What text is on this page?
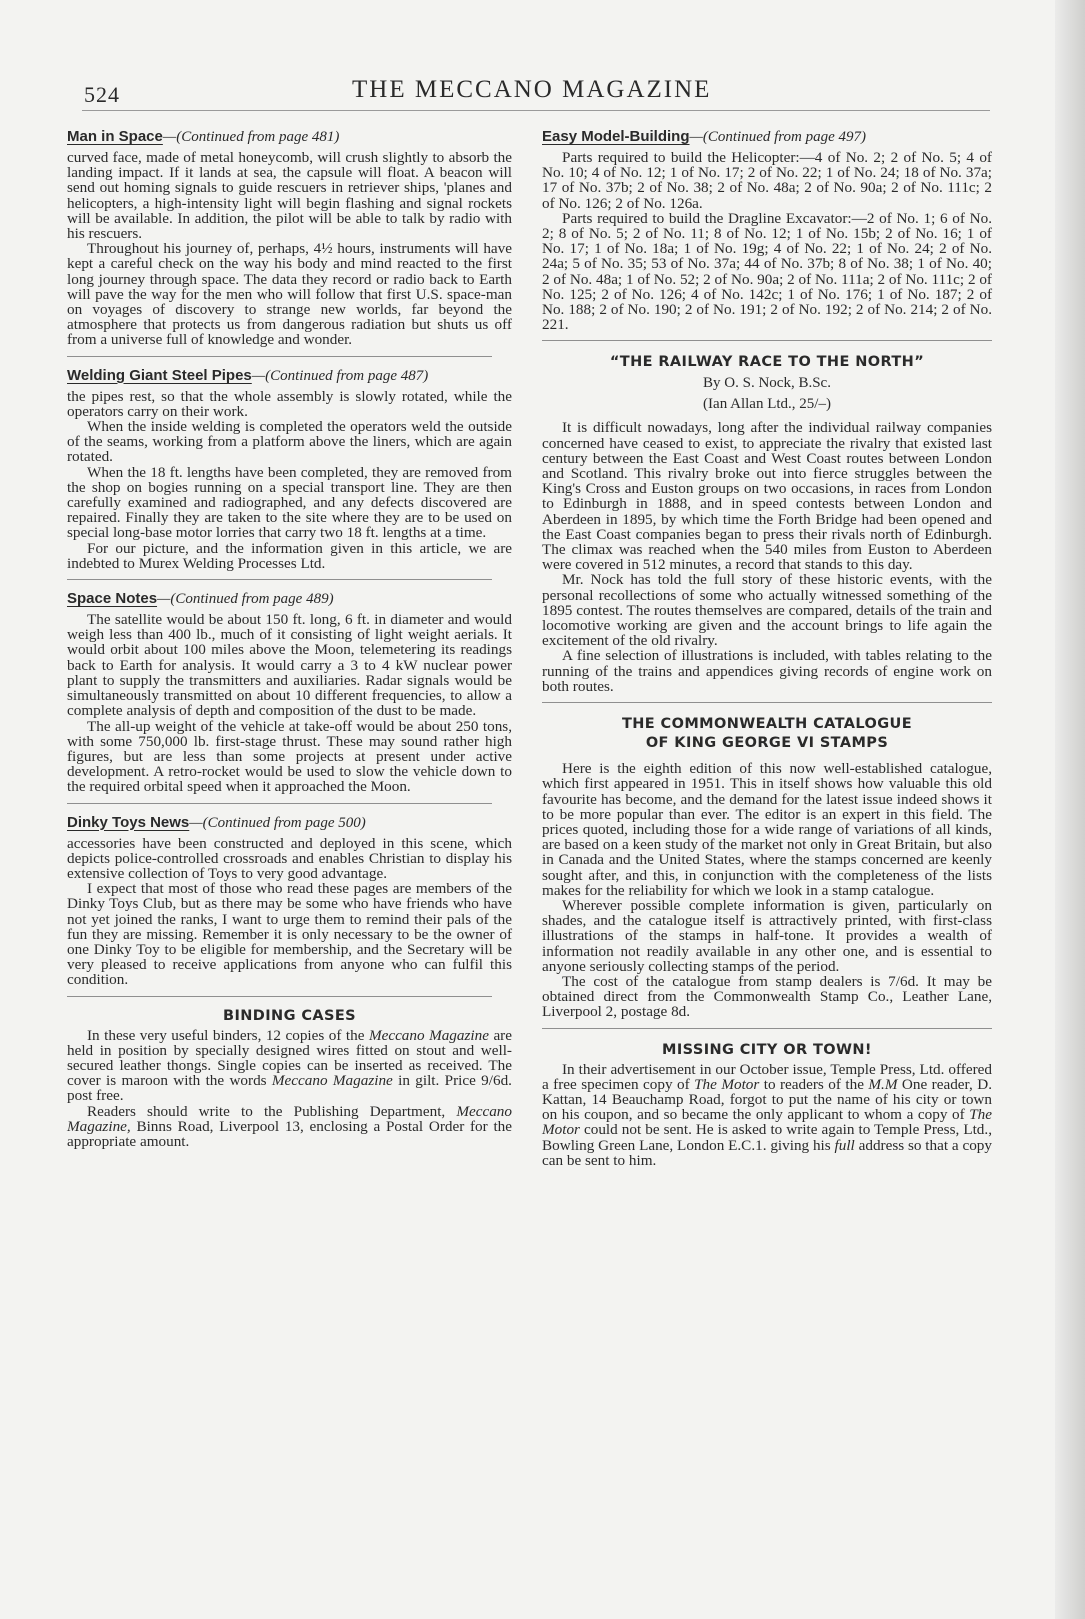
524	THE MECCANO MAGAZINE

Man in Space—(Continued from page 481)

curved face, made of metal honeycomb, will crush slightly to absorb the landing impact. If it lands at sea, the capsule will float. A beacon will send out homing signals to guide rescuers in retriever ships, 'planes and helicopters, a high-intensity light will begin flashing and signal rockets will be available. In addition, the pilot will be able to talk by radio with his rescuers.

Throughout his journey of, perhaps, 4½ hours, instruments will have kept a careful check on the way his body and mind reacted to the first long journey through space. The data they record or radio back to Earth will pave the way for the men who will follow that first U.S. space-man on voyages of discovery to strange new worlds, far beyond the atmosphere that protects us from dangerous radiation but shuts us off from a universe full of knowledge and wonder.

Welding Giant Steel Pipes—(Continued from page 487)

the pipes rest, so that the whole assembly is slowly rotated, while the operators carry on their work.

When the inside welding is completed the operators weld the outside of the seams, working from a platform above the liners, which are again rotated.

When the 18 ft. lengths have been completed, they are removed from the shop on bogies running on a special transport line. They are then carefully examined and radiographed, and any defects discovered are repaired. Finally they are taken to the site where they are to be used on special long-base motor lorries that carry two 18 ft. lengths at a time.

For our picture, and the information given in this article, we are indebted to Murex Welding Processes Ltd.

Space Notes—(Continued from page 489)

The satellite would be about 150 ft. long, 6 ft. in diameter and would weigh less than 400 lb., much of it consisting of light weight aerials. It would orbit about 100 miles above the Moon, telemetering its readings back to Earth for analysis. It would carry a 3 to 4 kW nuclear power plant to supply the transmitters and auxiliaries. Radar signals would be simultaneously transmitted on about 10 different frequencies, to allow a complete analysis of depth and composition of the dust to be made.

The all-up weight of the vehicle at take-off would be about 250 tons, with some 750,000 lb. first-stage thrust. These may sound rather high figures, but are less than some projects at present under active development. A retro-rocket would be used to slow the vehicle down to the required orbital speed when it approached the Moon.

Dinky Toys News—(Continued from page 500)

accessories have been constructed and deployed in this scene, which depicts police-controlled crossroads and enables Christian to display his extensive collection of Toys to very good advantage.

I expect that most of those who read these pages are members of the Dinky Toys Club, but as there may be some who have friends who have not yet joined the ranks, I want to urge them to remind their pals of the fun they are missing. Remember it is only necessary to be the owner of one Dinky Toy to be eligible for membership, and the Secretary will be very pleased to receive applications from anyone who can fulfil this condition.

BINDING CASES

In these very useful binders, 12 copies of the Meccano Magazine are held in position by specially designed wires fitted on stout and well-secured leather thongs. Single copies can be inserted as received. The cover is maroon with the words Meccano Magazine in gilt. Price 9/6d. post free.

Readers should write to the Publishing Department, Meccano Magazine, Binns Road, Liverpool 13, enclosing a Postal Order for the appropriate amount.

Easy Model-Building—(Continued from page 497)

Parts required to build the Helicopter:—4 of No. 2; 2 of No. 5; 4 of No. 10; 4 of No. 12; 1 of No. 17; 2 of No. 22; 1 of No. 24; 18 of No. 37a; 17 of No. 37b; 2 of No. 38; 2 of No. 48a; 2 of No. 90a; 2 of No. 111c; 2 of No. 126; 2 of No. 126a.

Parts required to build the Dragline Excavator:—2 of No. 1; 6 of No. 2; 8 of No. 5; 2 of No. 11; 8 of No. 12; 1 of No. 15b; 2 of No. 16; 1 of No. 17; 1 of No. 18a; 1 of No. 19g; 4 of No. 22; 1 of No. 24; 2 of No. 24a; 5 of No. 35; 53 of No. 37a; 44 of No. 37b; 8 of No. 38; 1 of No. 40; 2 of No. 48a; 1 of No. 52; 2 of No. 90a; 2 of No. 111a; 2 of No. 111c; 2 of No. 125; 2 of No. 126; 4 of No. 142c; 1 of No. 176; 1 of No. 187; 2 of No. 188; 2 of No. 190; 2 of No. 191; 2 of No. 192; 2 of No. 214; 2 of No. 221.

“THE RAILWAY RACE TO THE NORTH”

By O. S. Nock, B.Sc.

(Ian Allan Ltd., 25/–)

It is difficult nowadays, long after the individual railway companies concerned have ceased to exist, to appreciate the rivalry that existed last century between the East Coast and West Coast routes between London and Scotland. This rivalry broke out into fierce struggles between the King's Cross and Euston groups on two occasions, in races from London to Edinburgh in 1888, and in speed contests between London and Aberdeen in 1895, by which time the Forth Bridge had been opened and the East Coast companies began to press their rivals north of Edinburgh. The climax was reached when the 540 miles from Euston to Aberdeen were covered in 512 minutes, a record that stands to this day.

Mr. Nock has told the full story of these historic events, with the personal recollections of some who actually witnessed something of the 1895 contest. The routes themselves are compared, details of the train and locomotive working are given and the account brings to life again the excitement of the old rivalry.

A fine selection of illustrations is included, with tables relating to the running of the trains and appendices giving records of engine work on both routes.

THE COMMONWEALTH CATALOGUE

OF KING GEORGE VI STAMPS

Here is the eighth edition of this now well-established catalogue, which first appeared in 1951. This in itself shows how valuable this old favourite has become, and the demand for the latest issue indeed shows it to be more popular than ever. The editor is an expert in this field. The prices quoted, including those for a wide range of variations of all kinds, are based on a keen study of the market not only in Great Britain, but also in Canada and the United States, where the stamps concerned are keenly sought after, and this, in conjunction with the completeness of the lists makes for the reliability for which we look in a stamp catalogue.

Wherever possible complete information is given, particularly on shades, and the catalogue itself is attractively printed, with first-class illustrations of the stamps in half-tone. It provides a wealth of information not readily available in any other one, and is essential to anyone seriously collecting stamps of the period.

The cost of the catalogue from stamp dealers is 7/6d. It may be obtained direct from the Commonwealth Stamp Co., Leather Lane, Liverpool 2, postage 8d.

MISSING CITY OR TOWN!

In their advertisement in our October issue, Temple Press, Ltd. offered a free specimen copy of The Motor to readers of the M.M One reader, D. Kattan, 14 Beauchamp Road, forgot to put the name of his city or town on his coupon, and so became the only applicant to whom a copy of The Motor could not be sent. He is asked to write again to Temple Press, Ltd., Bowling Green Lane, London E.C.1. giving his full address so that a copy can be sent to him.
